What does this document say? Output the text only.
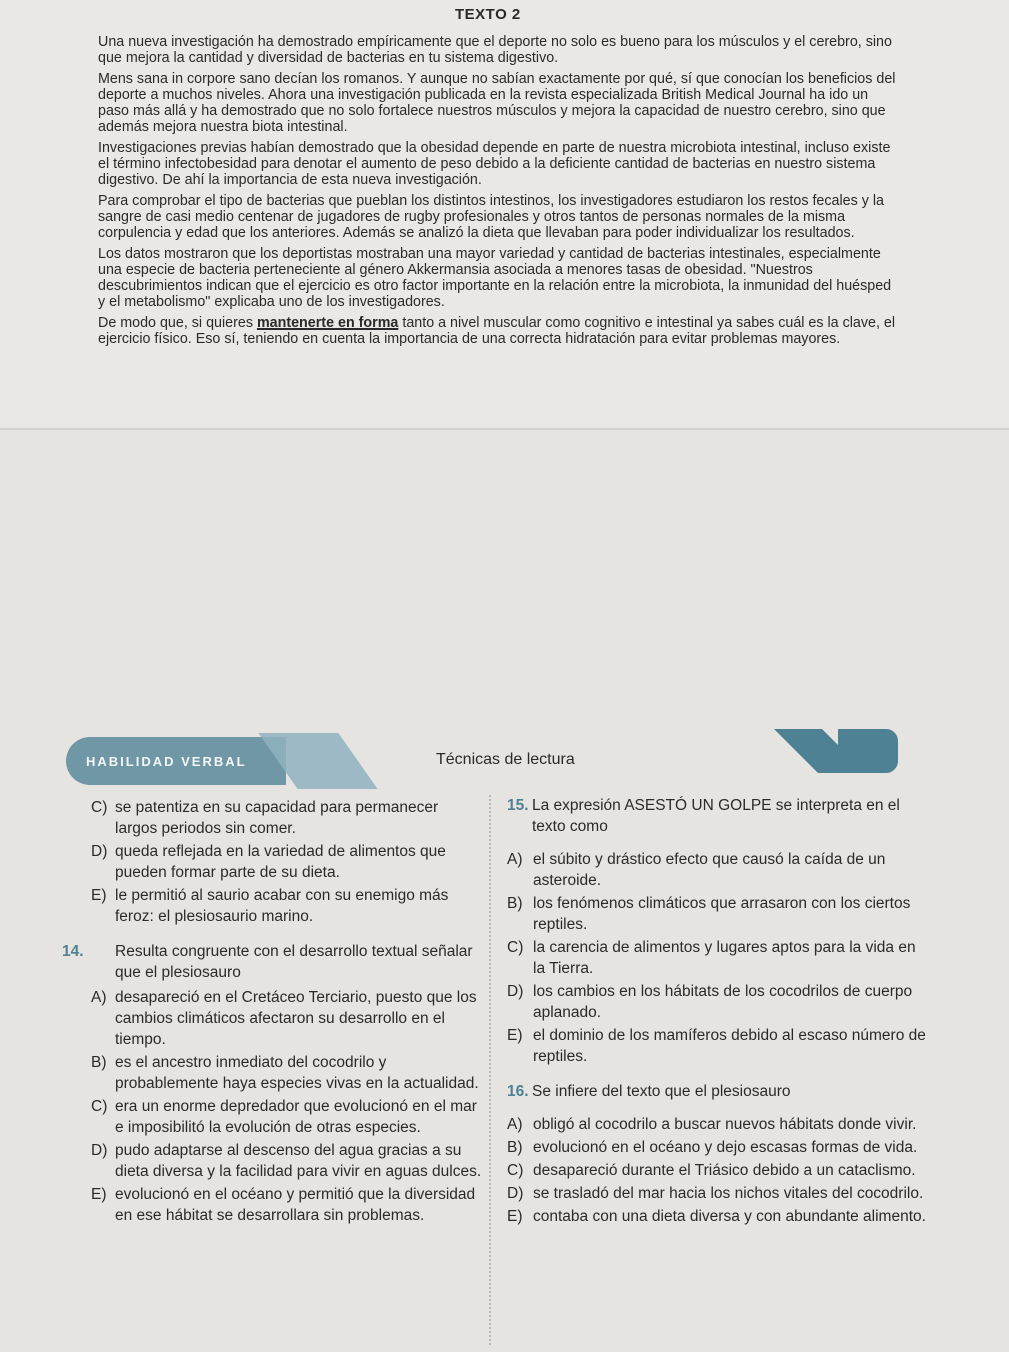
TEXTO 2

Una nueva investigación ha demostrado empíricamente que el deporte no solo es bueno para los músculos y el cerebro, sino que mejora la cantidad y diversidad de bacterias en tu sistema digestivo.

Mens sana in corpore sano decían los romanos. Y aunque no sabían exactamente por qué, sí que conocían los beneficios del deporte a muchos niveles. Ahora una investigación publicada en la revista especializada British Medical Journal ha ido un paso más allá y ha demostrado que no solo fortalece nuestros músculos y mejora la capacidad de nuestro cerebro, sino que además mejora nuestra biota intestinal.

Investigaciones previas habían demostrado que la obesidad depende en parte de nuestra microbiota intestinal, incluso existe el término infectobesidad para denotar el aumento de peso debido a la deficiente cantidad de bacterias en nuestro sistema digestivo. De ahí la importancia de esta nueva investigación.

Para comprobar el tipo de bacterias que pueblan los distintos intestinos, los investigadores estudiaron los restos fecales y la sangre de casi medio centenar de jugadores de rugby profesionales y otros tantos de personas normales de la misma corpulencia y edad que los anteriores. Además se analizó la dieta que llevaban para poder individualizar los resultados.

Los datos mostraron que los deportistas mostraban una mayor variedad y cantidad de bacterias intestinales, especialmente una especie de bacteria perteneciente al género Akkermansia asociada a menores tasas de obesidad. "Nuestros descubrimientos indican que el ejercicio es otro factor importante en la relación entre la microbiota, la inmunidad del huésped y el metabolismo" explicaba uno de los investigadores.

De modo que, si quieres mantenerte en forma tanto a nivel muscular como cognitivo e intestinal ya sabes cuál es la clave, el ejercicio físico. Eso sí, teniendo en cuenta la importancia de una correcta hidratación para evitar problemas mayores.

HABILIDAD VERBAL	Técnicas de lectura
C) se patentiza en su capacidad para permanecer largos periodos sin comer.
D) queda reflejada en la variedad de alimentos que pueden formar parte de su dieta.
E) le permitió al saurio acabar con su enemigo más feroz: el plesiosaurio marino.
14. Resulta congruente con el desarrollo textual señalar que el plesiosauro
A) desapareció en el Cretáceo Terciario, puesto que los cambios climáticos afectaron su desarrollo en el tiempo.
B) es el ancestro inmediato del cocodrilo y probablemente haya especies vivas en la actualidad.
C) era un enorme depredador que evolucionó en el mar e imposibilitó la evolución de otras especies.
D) pudo adaptarse al descenso del agua gracias a su dieta diversa y la facilidad para vivir en aguas dulces.
E) evolucionó en el océano y permitió que la diversidad en ese hábitat se desarrollara sin problemas.
15. La expresión ASESTÓ UN GOLPE se interpreta en el texto como
A) el súbito y drástico efecto que causó la caída de un asteroide.
B) los fenómenos climáticos que arrasaron con los ciertos reptiles.
C) la carencia de alimentos y lugares aptos para la vida en la Tierra.
D) los cambios en los hábitats de los cocodrilos de cuerpo aplanado.
E) el dominio de los mamíferos debido al escaso número de reptiles.
16. Se infiere del texto que el plesiosauro
A) obligó al cocodrilo a buscar nuevos hábitats donde vivir.
B) evolucionó en el océano y dejo escasas formas de vida.
C) desapareció durante el Triásico debido a un cataclismo.
D) se trasladó del mar hacia los nichos vitales del cocodrilo.
E) contaba con una dieta diversa y con abundante alimento.
